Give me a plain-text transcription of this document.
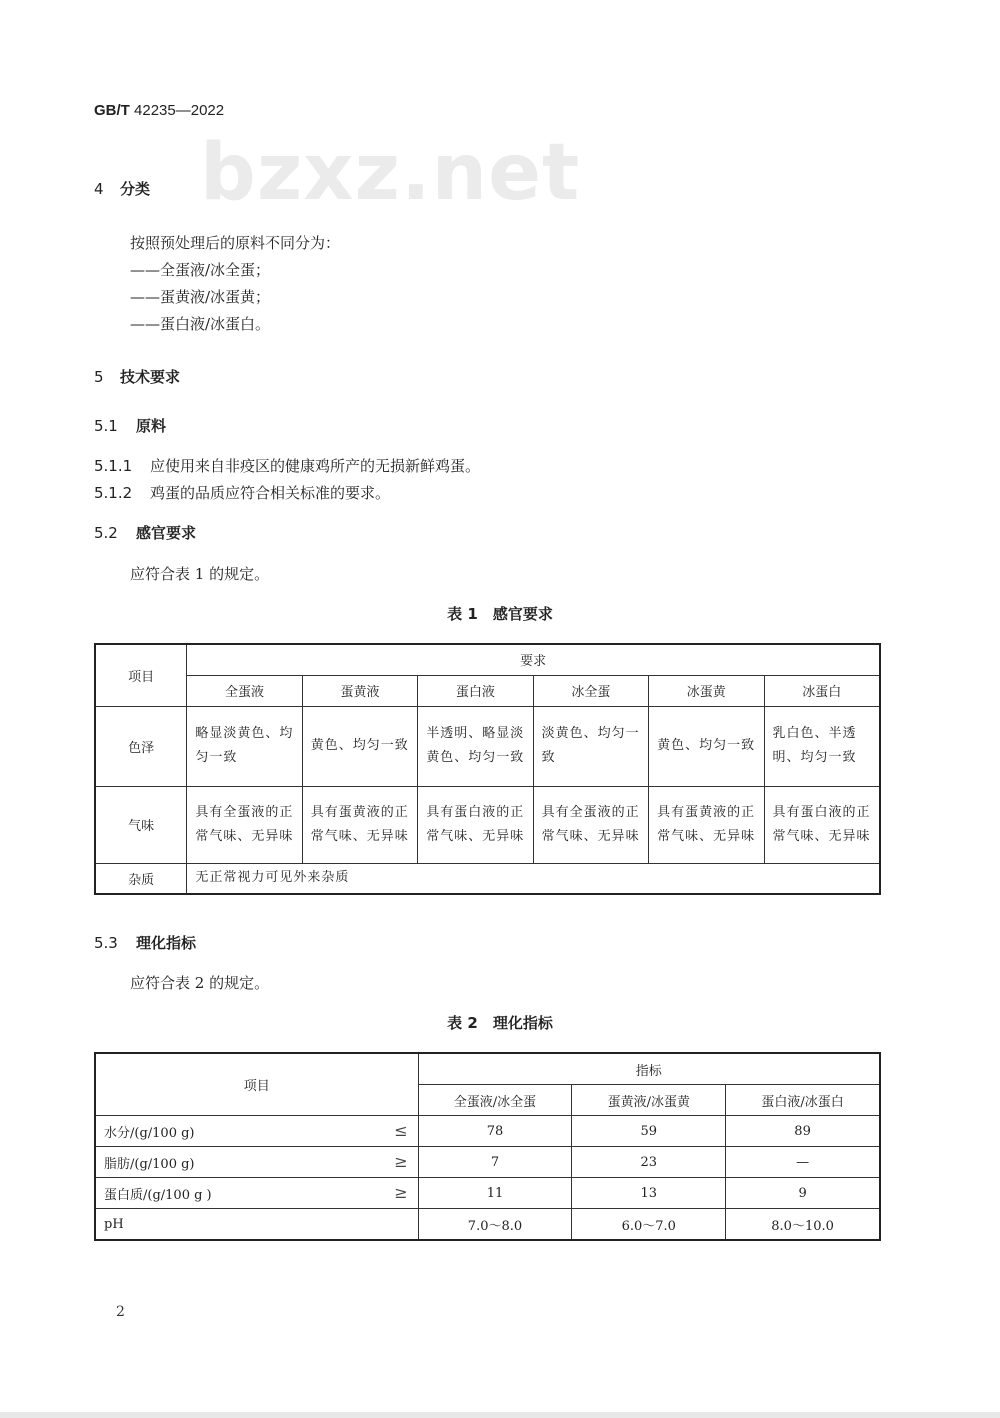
GB/T 42235—2022
bzxz.net
4 分类
按照预处理后的原料不同分为：
——全蛋液/冰全蛋；
——蛋黄液/冰蛋黄；
——蛋白液/冰蛋白。
5 技术要求
5.1 原料
5.1.1 应使用来自非疫区的健康鸡所产的无损新鲜鸡蛋。
5.1.2 鸡蛋的品质应符合相关标准的要求。
5.2 感官要求
应符合表 1 的规定。
表 1　感官要求
项目	要求					
	全蛋液	蛋黄液	蛋白液	冰全蛋	冰蛋黄	冰蛋白
色泽	略显淡黄色、均匀一致	黄色、均匀一致	半透明、略显淡黄色、均匀一致	淡黄色、均匀一致	黄色、均匀一致	乳白色、半透明、均匀一致
气味	具有全蛋液的正常气味、无异味	具有蛋黄液的正常气味、无异味	具有蛋白液的正常气味、无异味	具有全蛋液的正常气味、无异味	具有蛋黄液的正常气味、无异味	具有蛋白液的正常气味、无异味
杂质	无正常视力可见外来杂质					
5.3 理化指标
应符合表 2 的规定。
表 2　理化指标
项目	指标		
	全蛋液/冰全蛋	蛋黄液/冰蛋黄	蛋白液/冰蛋白
水分/(g/100 g) ≤	78	59	89
脂肪/(g/100 g) ≥	7	23	—
蛋白质/(g/100 g ) ≥	11	13	9
pH	7.0～8.0	6.0～7.0	8.0～10.0
2
